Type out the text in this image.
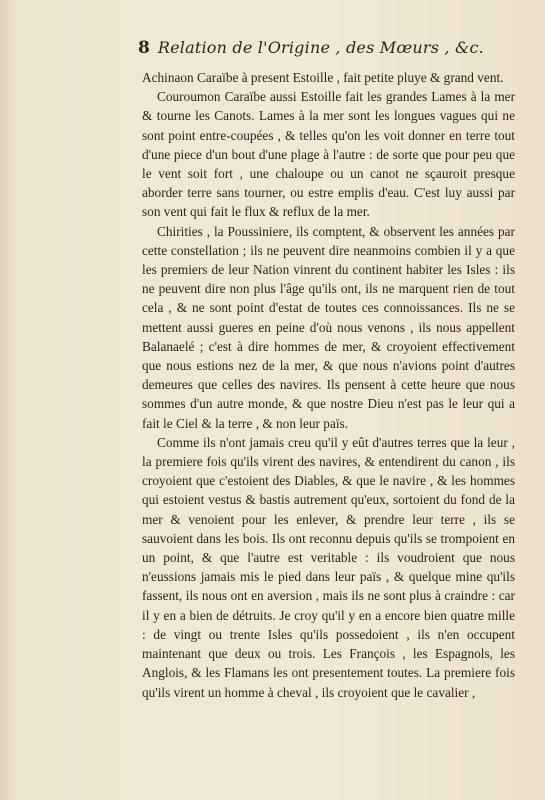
8 Relation de l'Origine , des Mœurs , &c.

Achinaon Caraïbe à present Estoille , fait petite pluye & grand vent.

Couroumon Caraïbe aussi Estoille fait les grandes Lames à la mer & tourne les Canots. Lames à la mer sont les longues vagues qui ne sont point entre-coupées , & telles qu'on les voit donner en terre tout d'une piece d'un bout d'une plage à l'autre : de sorte que pour peu que le vent soit fort , une chaloupe ou un canot ne sçauroit presque aborder terre sans tourner, ou estre emplis d'eau. C'est luy aussi par son vent qui fait le flux & reflux de la mer.

Chirities , la Poussiniere, ils comptent, & observent les années par cette constellation ; ils ne peuvent dire neanmoins combien il y a que les premiers de leur Nation vinrent du continent habiter les Isles : ils ne peuvent dire non plus l'âge qu'ils ont, ils ne marquent rien de tout cela , & ne sont point d'estat de toutes ces connoissances. Ils ne se mettent aussi gueres en peine d'où nous venons , ils nous appellent Balanaelé ; c'est à dire hommes de mer, & croyoient effectivement que nous estions nez de la mer, & que nous n'avions point d'autres demeures que celles des navires. Ils pensent à cette heure que nous sommes d'un autre monde, & que nostre Dieu n'est pas le leur qui a fait le Ciel & la terre , & non leur païs.

Comme ils n'ont jamais creu qu'il y eût d'autres terres que la leur , la premiere fois qu'ils virent des navires, & entendirent du canon , ils croyoient que c'estoient des Diables, & que le navire , & les hommes qui estoient vestus & bastis autrement qu'eux, sortoient du fond de la mer & venoient pour les enlever, & prendre leur terre , ils se sauvoient dans les bois. Ils ont reconnu depuis qu'ils se trompoient en un point, & que l'autre est veritable : ils voudroient que nous n'eussions jamais mis le pied dans leur païs , & quelque mine qu'ils fassent, ils nous ont en aversion , mais ils ne sont plus à craindre : car il y en a bien de détruits. Je croy qu'il y en a encore bien quatre mille : de vingt ou trente Isles qu'ils possedoient , ils n'en occupent maintenant que deux ou trois. Les François , les Espagnols, les Anglois, & les Flamans les ont presentement toutes. La premiere fois qu'ils virent un homme à cheval , ils croyoient que le cavalier ,
